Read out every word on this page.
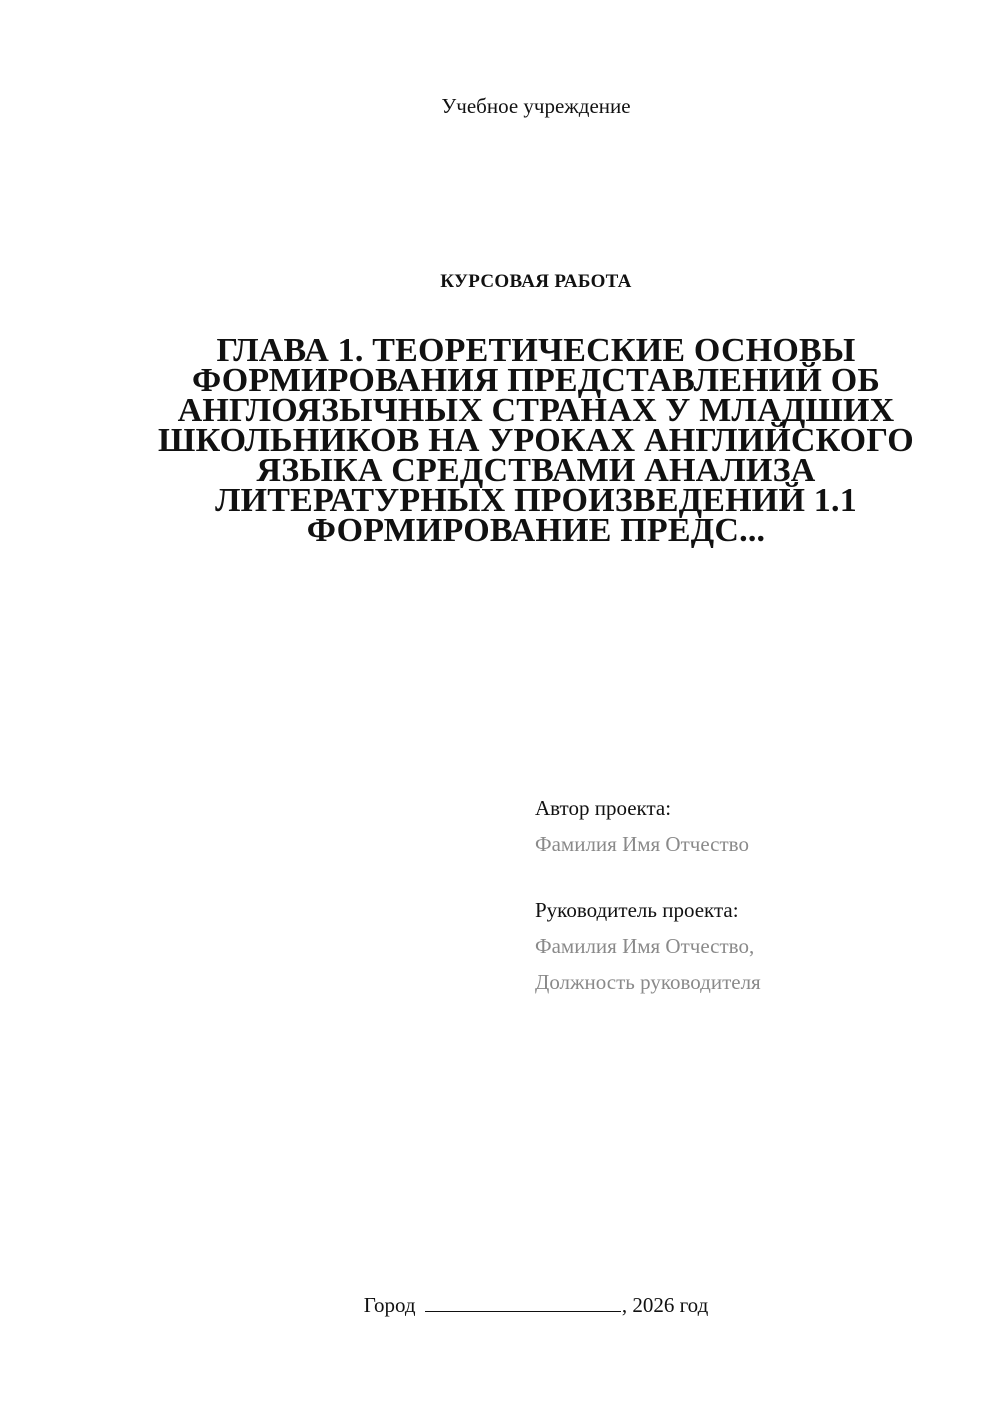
Учебное учреждение
КУРСОВАЯ РАБОТА
ГЛАВА 1. ТЕОРЕТИЧЕСКИЕ ОСНОВЫ ФОРМИРОВАНИЯ ПРЕДСТАВЛЕНИЙ ОБ АНГЛОЯЗЫЧНЫХ СТРАНАХ У МЛАДШИХ ШКОЛЬНИКОВ НА УРОКАХ АНГЛИЙСКОГО ЯЗЫКА СРЕДСТВАМИ АНАЛИЗА ЛИТЕРАТУРНЫХ ПРОИЗВЕДЕНИЙ 1.1 ФОРМИРОВАНИЕ ПРЕДС...
Автор проекта:
Фамилия Имя Отчество
Руководитель проекта:
Фамилия Имя Отчество,
Должность руководителя
Город	, 2026 год
